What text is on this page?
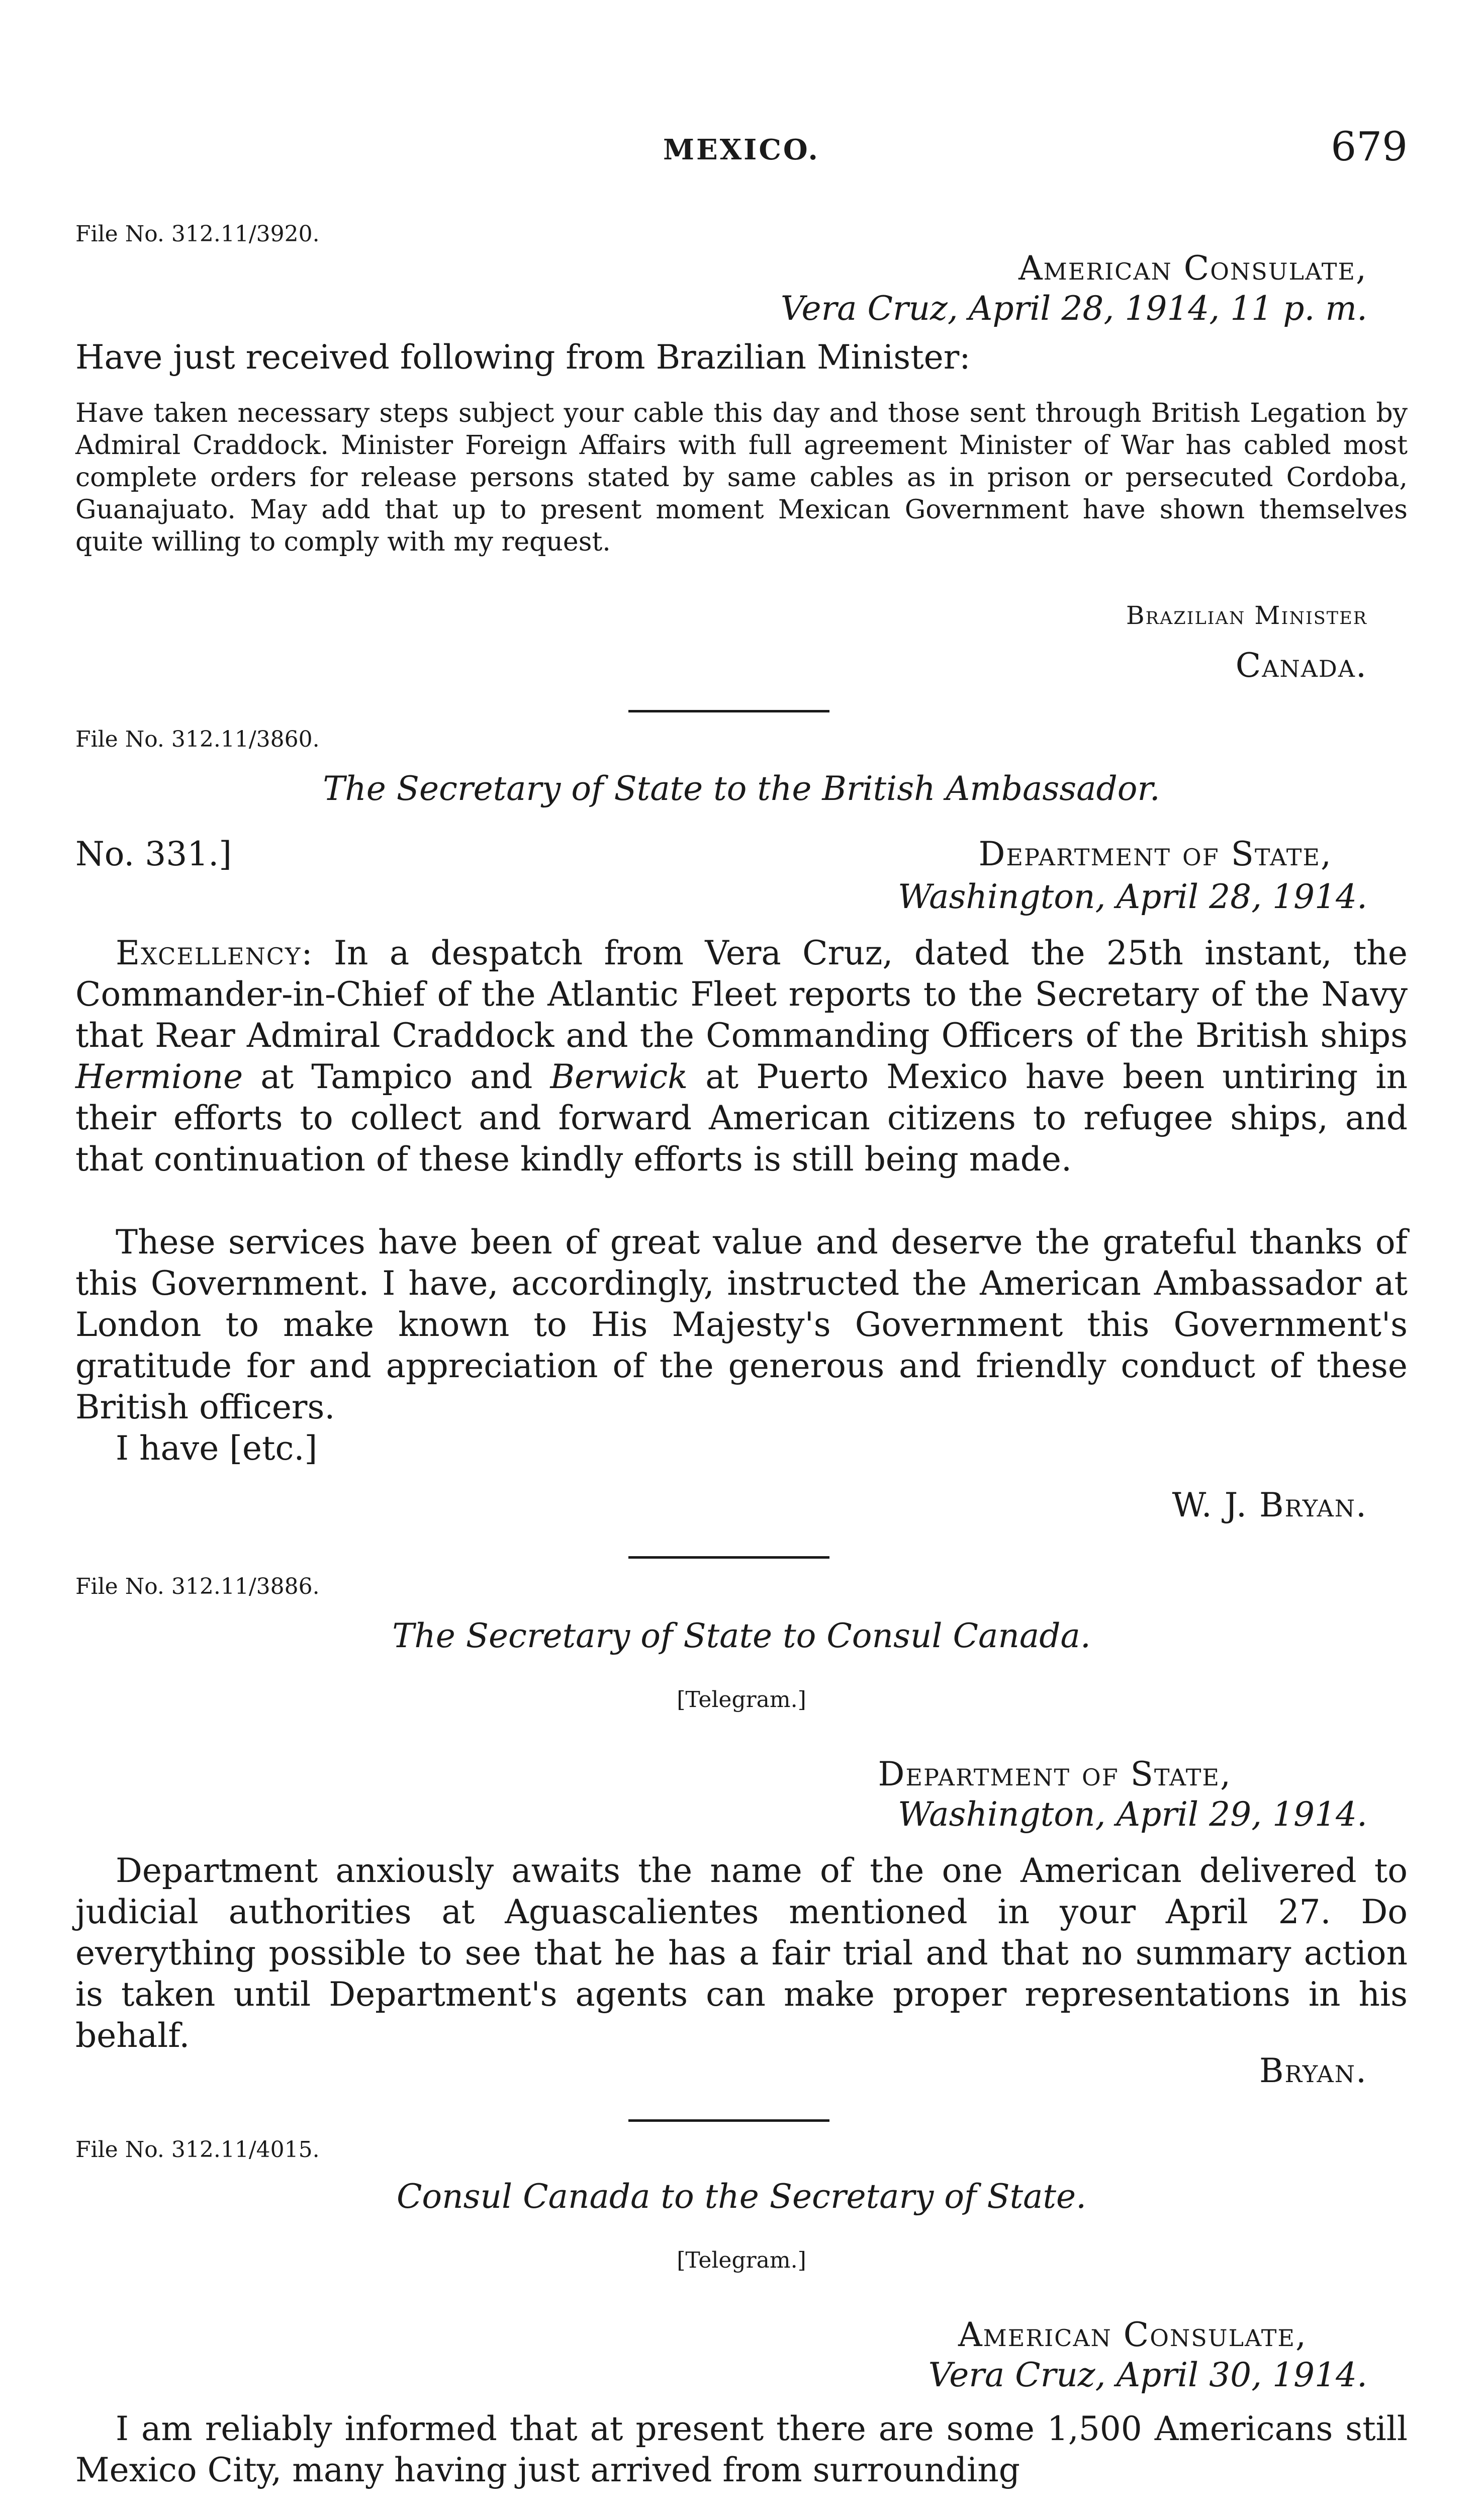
MEXICO.	679
File No. 312.11/3920.
American Consulate,
Vera Cruz, April 28, 1914, 11 p. m.
Have just received following from Brazilian Minister:
Have taken necessary steps subject your cable this day and those sent through British Legation by Admiral Craddock. Minister Foreign Affairs with full agreement Minister of War has cabled most complete orders for release persons stated by same cables as in prison or persecuted Cordoba, Guanajuato. May add that up to present moment Mexican Government have shown themselves quite willing to comply with my request.
Brazilian Minister
Canada.
File No. 312.11/3860.
The Secretary of State to the British Ambassador.
No. 331.]	Department of State,
Washington, April 28, 1914.
Excellency: In a despatch from Vera Cruz, dated the 25th instant, the Commander-in-Chief of the Atlantic Fleet reports to the Secretary of the Navy that Rear Admiral Craddock and the Commanding Officers of the British ships Hermione at Tampico and Berwick at Puerto Mexico have been untiring in their efforts to collect and forward American citizens to refugee ships, and that continuation of these kindly efforts is still being made.
These services have been of great value and deserve the grateful thanks of this Government. I have, accordingly, instructed the American Ambassador at London to make known to His Majesty's Government this Government's gratitude for and appreciation of the generous and friendly conduct of these British officers.
I have [etc.]
W. J. Bryan.
File No. 312.11/3886.
The Secretary of State to Consul Canada.
[Telegram.]
Department of State,
Washington, April 29, 1914.
Department anxiously awaits the name of the one American delivered to judicial authorities at Aguascalientes mentioned in your April 27. Do everything possible to see that he has a fair trial and that no summary action is taken until Department's agents can make proper representations in his behalf.
Bryan.
File No. 312.11/4015.
Consul Canada to the Secretary of State.
[Telegram.]
American Consulate,
Vera Cruz, April 30, 1914.
I am reliably informed that at present there are some 1,500 Americans still Mexico City, many having just arrived from surrounding
